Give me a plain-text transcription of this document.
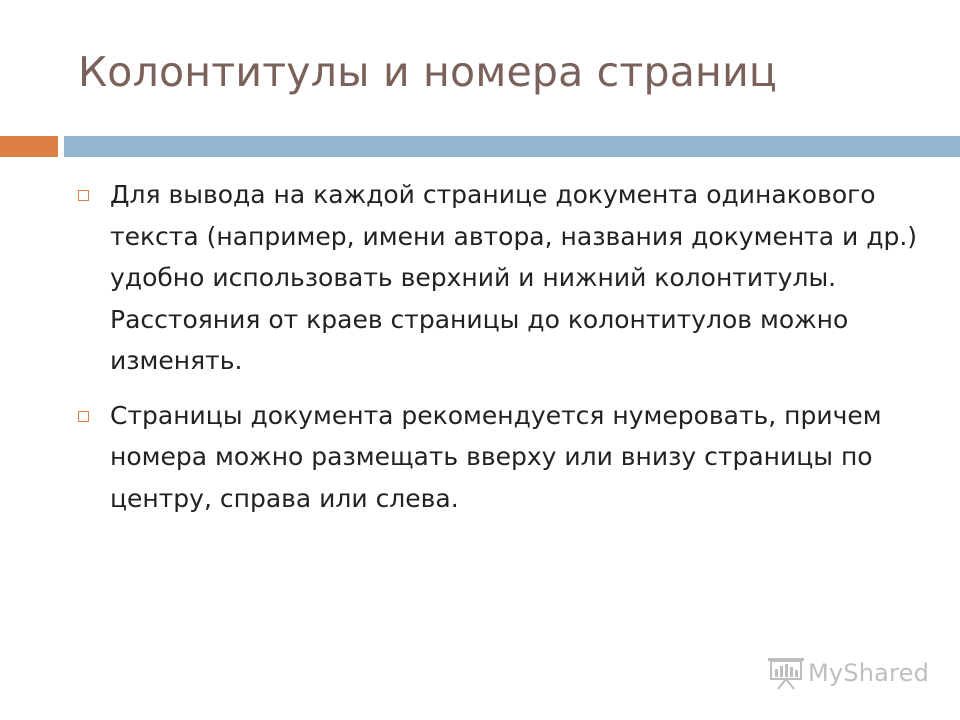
Колонтитулы и номера страниц
Для вывода на каждой странице документа одинакового текста (например, имени автора, названия документа и др.) удобно использовать верхний и нижний колонтитулы. Расстояния от краев страницы до колонтитулов можно изменять.
Страницы документа рекомендуется нумеровать, причем номера можно размещать вверху или внизу страницы по центру, справа или слева.
MyShared
